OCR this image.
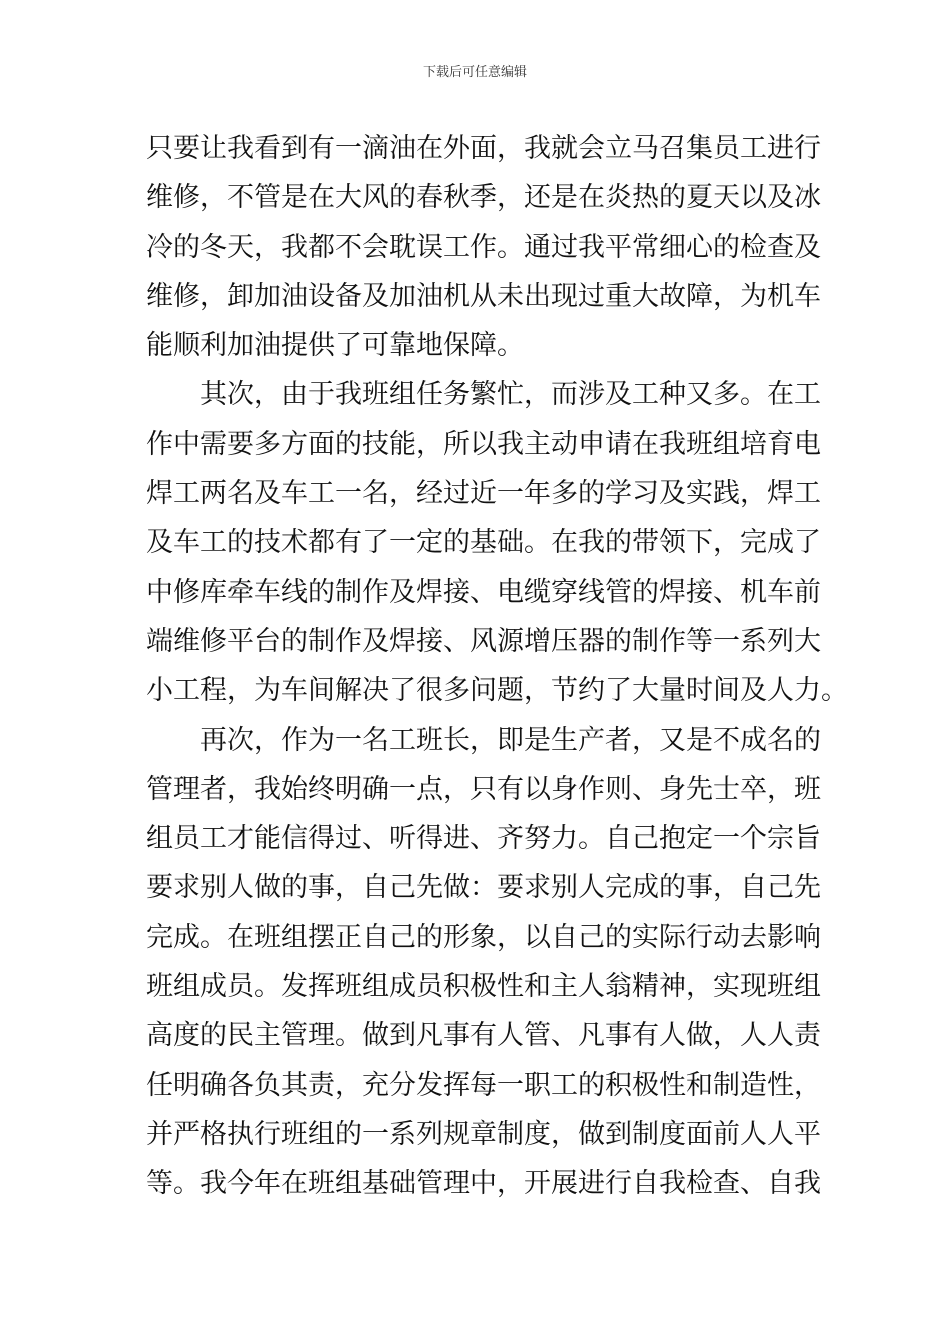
下载后可任意编辑
只要让我看到有一滴油在外面，我就会立马召集员工进行
维修，不管是在大风的春秋季，还是在炎热的夏天以及冰
冷的冬天，我都不会耽误工作。通过我平常细心的检查及
维修，卸加油设备及加油机从未出现过重大故障，为机车
能顺利加油提供了可靠地保障。
其次，由于我班组任务繁忙，而涉及工种又多。在工
作中需要多方面的技能，所以我主动申请在我班组培育电
焊工两名及车工一名，经过近一年多的学习及实践，焊工
及车工的技术都有了一定的基础。在我的带领下，完成了
中修库牵车线的制作及焊接、电缆穿线管的焊接、机车前
端维修平台的制作及焊接、风源增压器的制作等一系列大
小工程，为车间解决了很多问题，节约了大量时间及人力。
再次，作为一名工班长，即是生产者，又是不成名的
管理者，我始终明确一点，只有以身作则、身先士卒，班
组员工才能信得过、听得进、齐努力。自己抱定一个宗旨
要求别人做的事，自己先做：要求别人完成的事，自己先
完成。在班组摆正自己的形象，以自己的实际行动去影响
班组成员。发挥班组成员积极性和主人翁精神，实现班组
高度的民主管理。做到凡事有人管、凡事有人做，人人责
任明确各负其责，充分发挥每一职工的积极性和制造性，
并严格执行班组的一系列规章制度，做到制度面前人人平
等。我今年在班组基础管理中，开展进行自我检查、自我
